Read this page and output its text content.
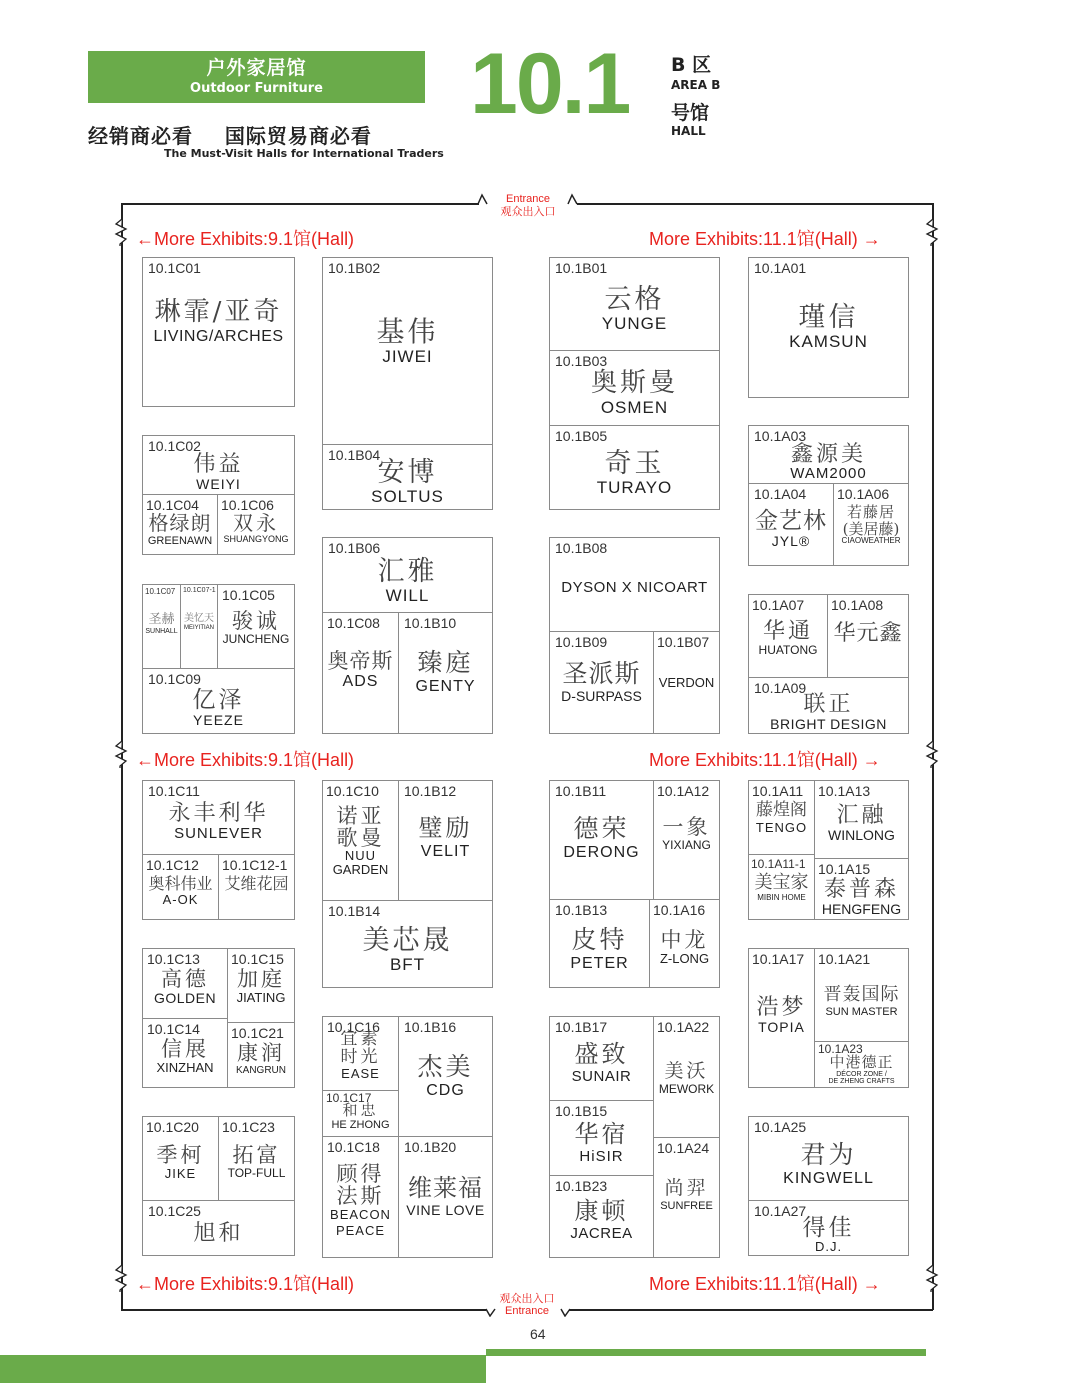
户外家居馆
Outdoor Furniture
经销商必看    国际贸易商必看
The Must-Visit Halls for International Traders
10.1 B 区
AREA B
号馆
HALL
Entrance
观众出入口
观众出入口
Entrance
←More Exhibits:9.1馆(Hall)	More Exhibits:11.1馆(Hall) →
←More Exhibits:9.1馆(Hall)	More Exhibits:11.1馆(Hall) →
←More Exhibits:9.1馆(Hall)	More Exhibits:11.1馆(Hall) →
10.1C01
琳霏/亚奇
LIVING/ARCHES
10.1C02
伟益
WEIYI
10.1C04
格绿朗
GREENAWN
10.1C06
双永
SHUANGYONG
10.1C07
圣赫
SUNHALL
10.1C07-1
美忆天
MEIYITIAN
10.1C05
骏诚
JUNCHENG
10.1C09
亿泽
YEEZE
10.1B02
基伟
JIWEI
10.1B04
安博
SOLTUS
10.1B06
汇雅
WILL
10.1C08
奥帝斯
ADS
10.1B10
臻庭
GENTY
10.1B01
云格
YUNGE
10.1B03
奥斯曼
OSMEN
10.1B05
奇玉
TURAYO
10.1B08
DYSON X NICOART
10.1B09
圣派斯
D-SURPASS
10.1B07
VERDON
10.1A01
瑾信
KAMSUN
10.1A03
鑫源美
WAM2000
10.1A04
金艺林
JYL®
10.1A06
若藤居
(美居藤)
CIAOWEATHER
10.1A07
华通
HUATONG
10.1A08
华元鑫
10.1A09
联正
BRIGHT DESIGN
10.1C11
永丰利华
SUNLEVER
10.1C12
奥科伟业
A-OK
10.1C12-1
艾维花园
10.1C13
高德
GOLDEN
10.1C15
加庭
JIATING
10.1C14
信展
XINZHAN
10.1C21
康润
KANGRUN
10.1C20
季柯
JIKE
10.1C23
拓富
TOP-FULL
10.1C25
旭和
10.1C10
诺亚
歌曼
NUU
GARDEN
10.1B12
璧励
VELIT
10.1B14
美芯晟
BFT
10.1C16
宜素
时光
EASE
10.1C17
和忠
HE ZHONG
10.1B16
杰美
CDG
10.1C18
顾得
法斯
BEACON
PEACE
10.1B20
维莱福
VINE LOVE
10.1B11
德荣
DERONG
10.1A12
一象
YIXIANG
10.1B13
皮特
PETER
10.1A16
中龙
Z-LONG
10.1B17
盛致
SUNAIR
10.1A22
美沃
MEWORK
10.1B15
华宿
HiSIR 10.1A24
尚羿
SUNFREE
10.1B23
康顿
JACREA
10.1A11
藤煌阁
TENGO
10.1A13
汇融
WINLONG
10.1A11-1
美宝家
MIBIN HOME
10.1A15
泰普森
HENGFENG
10.1A17
浩梦
TOPIA
10.1A21
晋轰国际
SUN MASTER
10.1A23
中港德正
DÉCOR ZONE /
DE ZHENG CRAFTS
10.1A25
君为
KINGWELL
10.1A27
得佳
D.J.
64
